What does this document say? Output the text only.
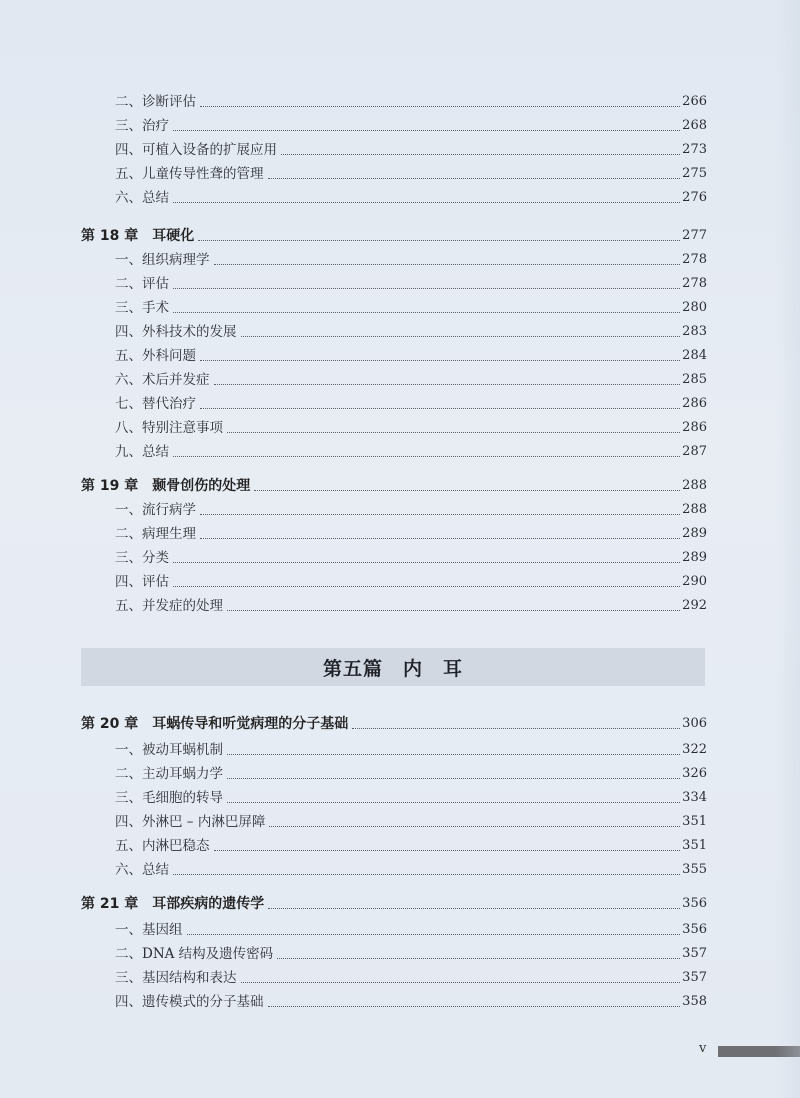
第五篇　内　耳
二、诊断评估	266
三、治疗	268
四、可植入设备的扩展应用	273
五、儿童传导性聋的管理	275
六、总结	276
第 18 章　耳硬化	277
一、组织病理学	278
二、评估	278
三、手术	280
四、外科技术的发展	283
五、外科问题	284
六、术后并发症	285
七、替代治疗	286
八、特别注意事项	286
九、总结	287
第 19 章　颞骨创伤的处理	288
一、流行病学	288
二、病理生理	289
三、分类	289
四、评估	290
五、并发症的处理	292
第 20 章　耳蜗传导和听觉病理的分子基础	306
一、被动耳蜗机制	322
二、主动耳蜗力学	326
三、毛细胞的转导	334
四、外淋巴 – 内淋巴屏障	351
五、内淋巴稳态	351
六、总结	355
第 21 章　耳部疾病的遗传学	356
一、基因组	356
二、DNA 结构及遗传密码	357
三、基因结构和表达	357
四、遗传模式的分子基础	358
v
